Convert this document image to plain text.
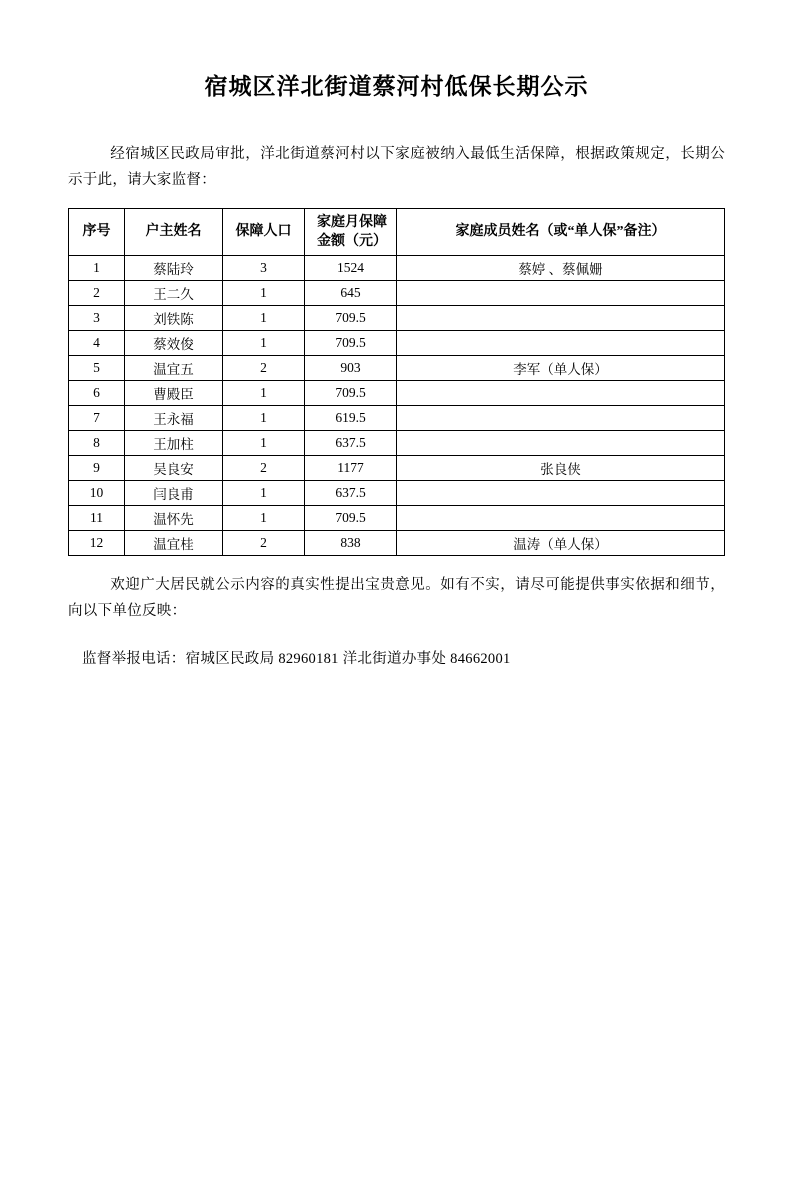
宿城区洋北街道蔡河村低保长期公示

经宿城区民政局审批，洋北街道蔡河村以下家庭被纳入最低生活保障，根据政策规定，长期公示于此，请大家监督：

序号	户主姓名	保障人口	家庭月保障
金额（元）	家庭成员姓名（或“单人保”备注）
1	蔡陆玲	3	1524	蔡婷 、蔡佩姗
2	王二久	1	645	
3	刘铁陈	1	709.5	
4	蔡效俊	1	709.5	
5	温宜五	2	903	李军（单人保）
6	曹殿臣	1	709.5	
7	王永福	1	619.5	
8	王加柱	1	637.5	
9	吴良安	2	1177	张良侠
10	闫良甫	1	637.5	
11	温怀先	1	709.5	
12	温宜桂	2	838	温涛（单人保）

欢迎广大居民就公示内容的真实性提出宝贵意见。如有不实，请尽可能提供事实依据和细节，向以下单位反映：

监督举报电话：宿城区民政局 82960181 洋北街道办事处 84662001
